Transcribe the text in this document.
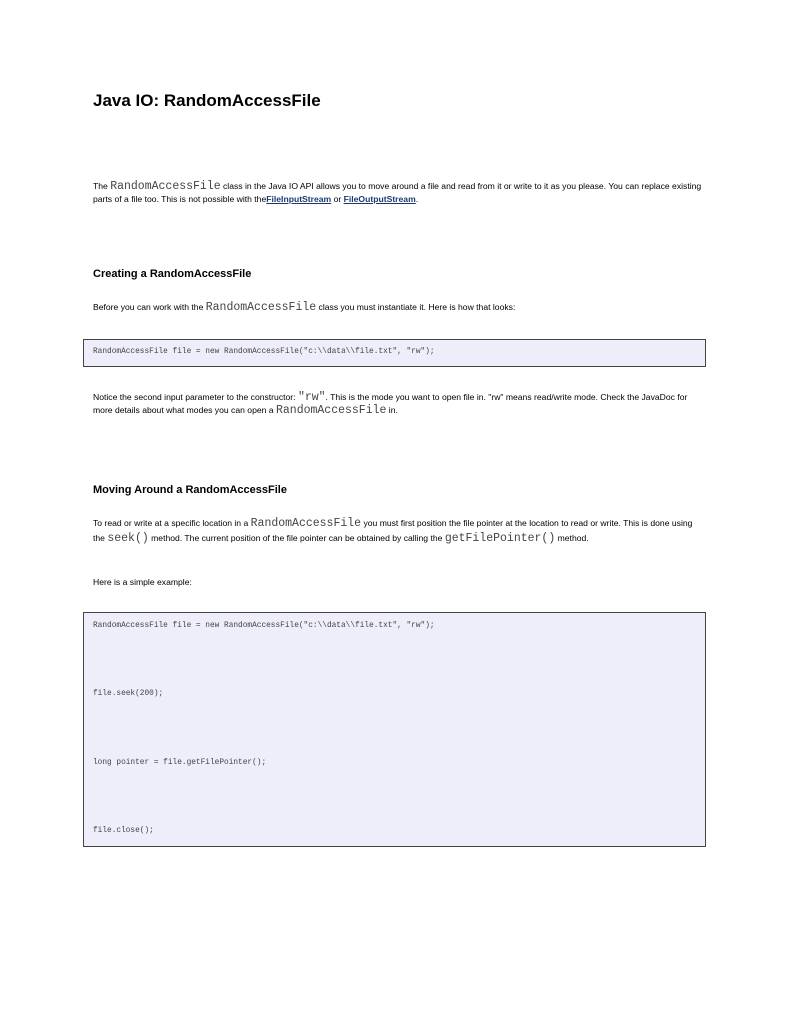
Java IO: RandomAccessFile

The RandomAccessFile class in the Java IO API allows you to move around a file and read from it or write to it as you please. You can replace existing parts of a file too. This is not possible with theFileInputStream or FileOutputStream.

Creating a RandomAccessFile

Before you can work with the RandomAccessFile class you must instantiate it. Here is how that looks:

RandomAccessFile file = new RandomAccessFile("c:\\data\\file.txt", "rw");

Notice the second input parameter to the constructor: "rw". This is the mode you want to open file in. "rw" means read/write mode. Check the JavaDoc for more details about what modes you can open a RandomAccessFile in.

Moving Around a RandomAccessFile

To read or write at a specific location in a RandomAccessFile you must first position the file pointer at the location to read or write. This is done using the seek() method. The current position of the file pointer can be obtained by calling the getFilePointer() method.

Here is a simple example:

RandomAccessFile file = new RandomAccessFile("c:\\data\\file.txt", "rw");
file.seek(200);
long pointer = file.getFilePointer();
file.close();
